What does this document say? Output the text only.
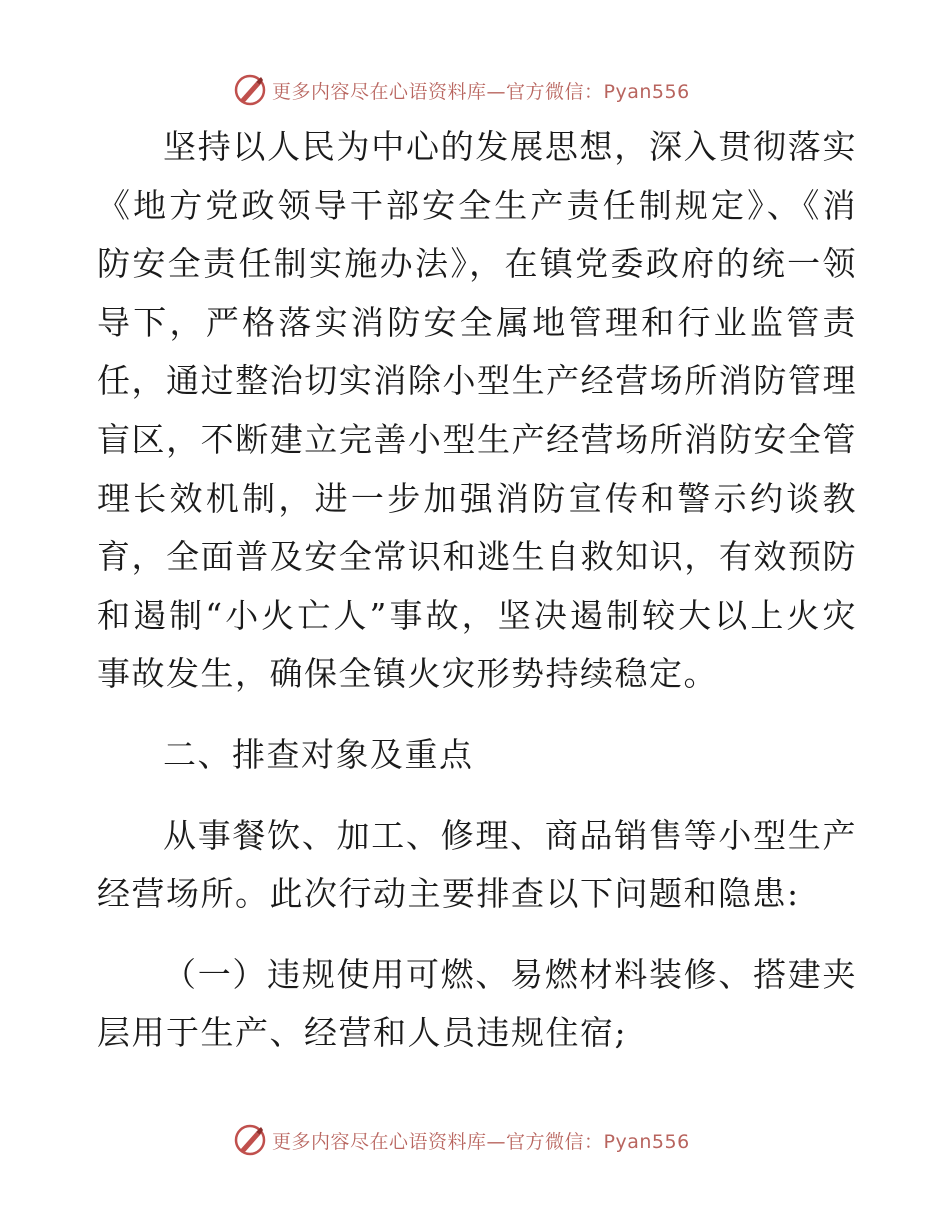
更多内容尽在心语资料库—官方微信：Pyan556

坚持以人民为中心的发展思想，深入贯彻落实《地方党政领导干部安全生产责任制规定》、《消防安全责任制实施办法》，在镇党委政府的统一领导下，严格落实消防安全属地管理和行业监管责任，通过整治切实消除小型生产经营场所消防管理盲区，不断建立完善小型生产经营场所消防安全管理长效机制，进一步加强消防宣传和警示约谈教育，全面普及安全常识和逃生自救知识，有效预防和遏制“小火亡人”事故，坚决遏制较大以上火灾事故发生，确保全镇火灾形势持续稳定。

二、排查对象及重点

从事餐饮、加工、修理、商品销售等小型生产经营场所。此次行动主要排查以下问题和隐患:

（一）违规使用可燃、易燃材料装修、搭建夹层用于生产、经营和人员违规住宿;

更多内容尽在心语资料库—官方微信：Pyan556
